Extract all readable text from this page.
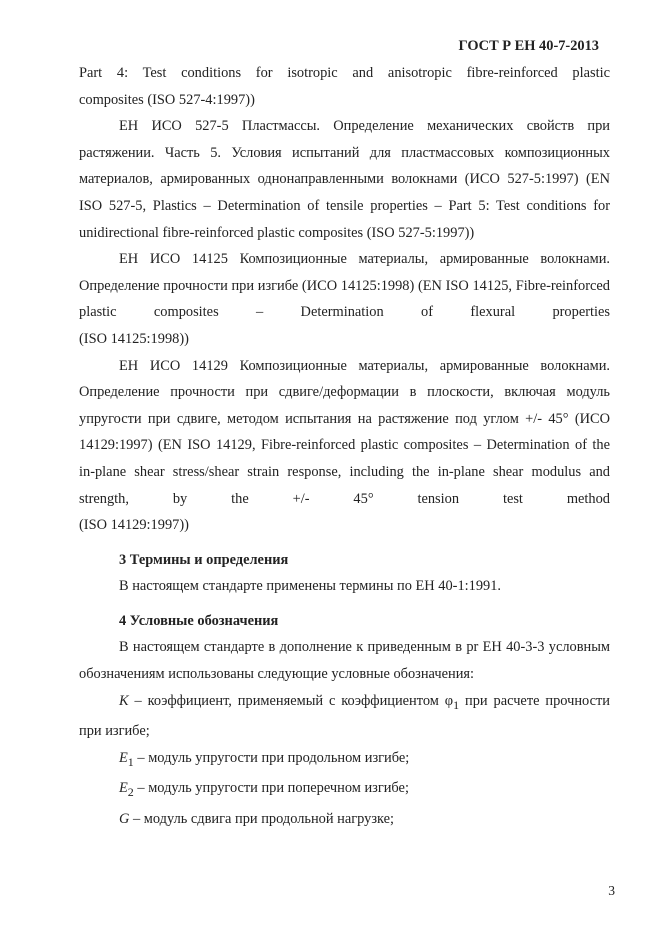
ГОСТ Р ЕН 40-7-2013

Part 4: Test conditions for isotropic and anisotropic fibre-reinforced plastic

composites (ISO 527-4:1997))

ЕН ИСО 527-5 Пластмассы. Определение механических свойств при растяжении. Часть 5. Условия испытаний для пластмассовых композиционных материалов, армированных однонаправленными волокнами (ИСО 527-5:1997) (EN ISO 527-5, Plastics – Determination of tensile properties – Part 5: Test conditions for unidirectional fibre-reinforced plastic composites (ISO 527-5:1997))

ЕН ИСО 14125 Композиционные материалы, армированные волокнами. Определение прочности при изгибе (ИСО 14125:1998) (EN ISO 14125, Fibre-reinforced plastic composites – Determination of flexural properties

(ISO 14125:1998))

ЕН ИСО 14129 Композиционные материалы, армированные волокнами. Определение прочности при сдвиге/деформации в плоскости, включая модуль упругости при сдвиге, методом испытания на растяжение под углом +/- 45° (ИСО 14129:1997) (EN ISO 14129, Fibre-reinforced plastic composites – Determination of the in-plane shear stress/shear strain response, including the in-plane shear modulus and strength, by the +/- 45° tension test method

(ISO 14129:1997))

3 Термины и определения

В настоящем стандарте применены термины по ЕН 40-1:1991.

4 Условные обозначения

В настоящем стандарте в дополнение к приведенным в pr ЕН 40-3-3 условным обозначениям использованы следующие условные обозначения:

K – коэффициент, применяемый с коэффициентом $\varphi_1$ при расчете прочности при изгибе;

$E_1$ – модуль упругости при продольном изгибе;

$E_2$ – модуль упругости при поперечном изгибе;

G – модуль сдвига при продольной нагрузке;

3
